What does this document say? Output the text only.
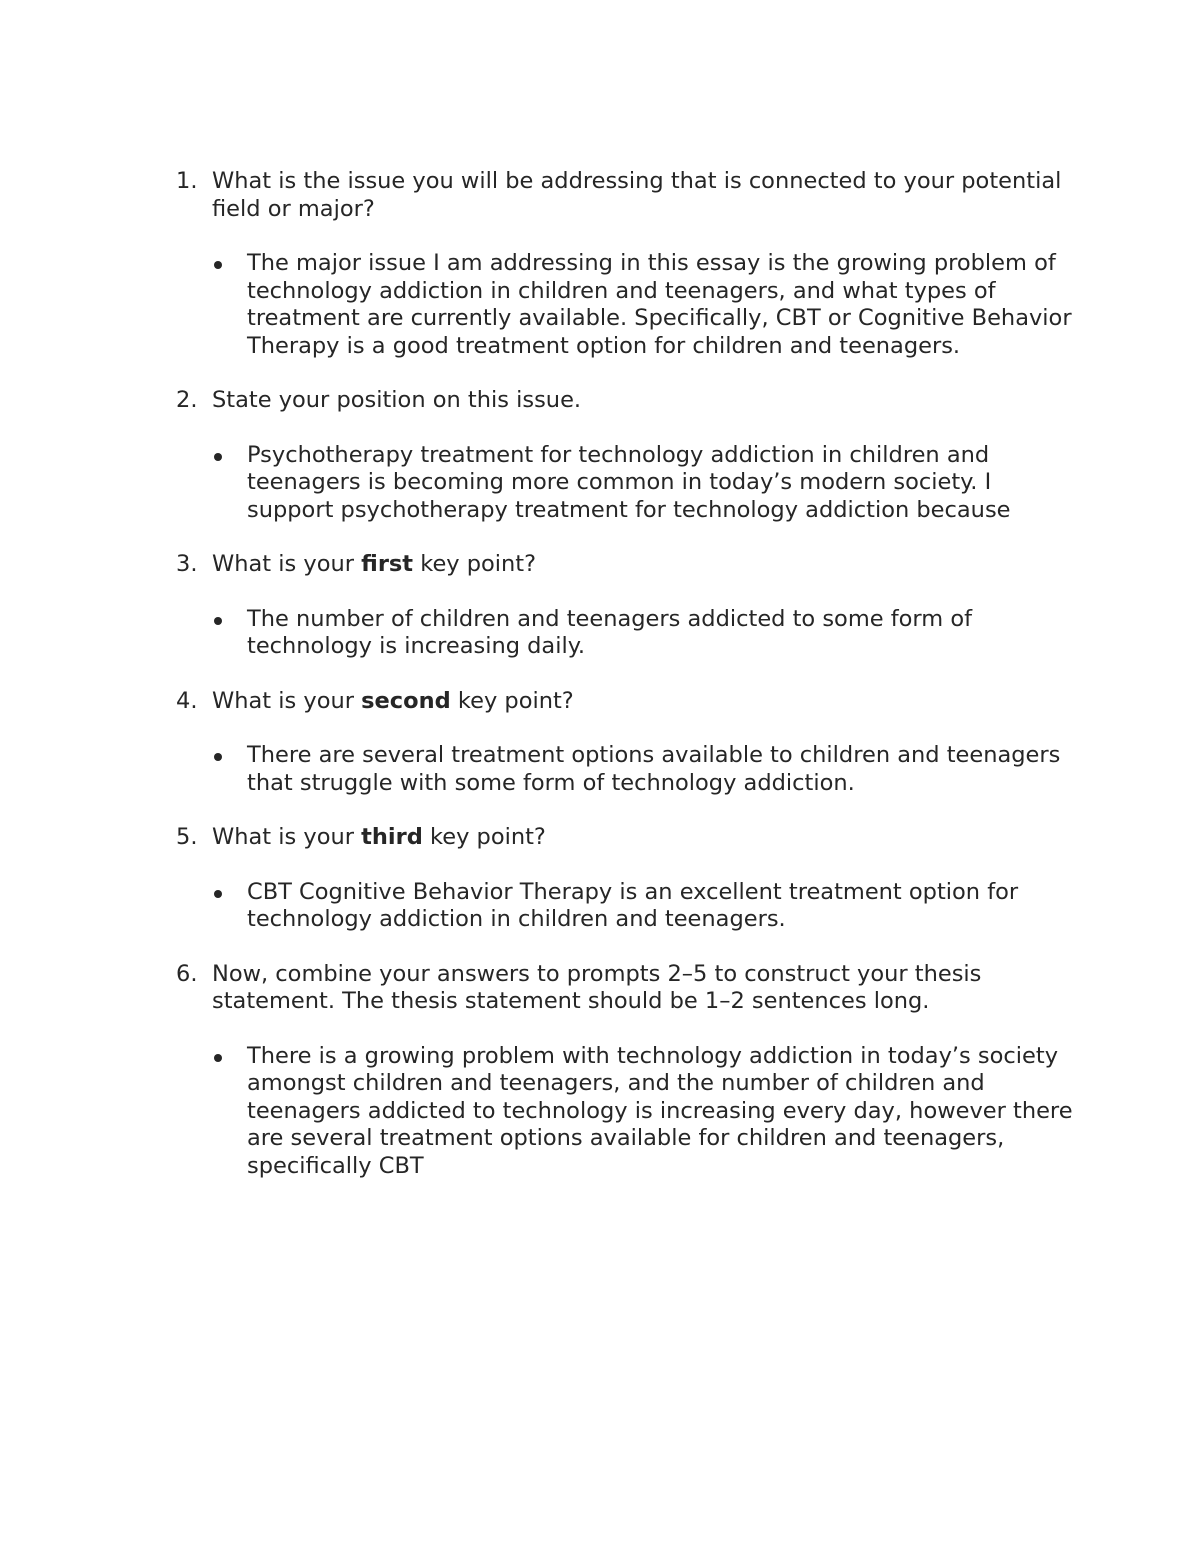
1. What is the issue you will be addressing that is connected to your potential field or major?
The major issue I am addressing in this essay is the growing problem of technology addiction in children and teenagers, and what types of treatment are currently available. Specifically, CBT or Cognitive Behavior Therapy is a good treatment option for children and teenagers.
2. State your position on this issue.
Psychotherapy treatment for technology addiction in children and teenagers is becoming more common in today’s modern society. I support psychotherapy treatment for technology addiction because
3. What is your first key point?
The number of children and teenagers addicted to some form of technology is increasing daily.
4. What is your second key point?
There are several treatment options available to children and teenagers that struggle with some form of technology addiction.
5. What is your third key point?
CBT Cognitive Behavior Therapy is an excellent treatment option for technology addiction in children and teenagers.
6. Now, combine your answers to prompts 2–5 to construct your thesis statement. The thesis statement should be 1–2 sentences long.
There is a growing problem with technology addiction in today’s society amongst children and teenagers, and the number of children and teenagers addicted to technology is increasing every day, however there are several treatment options available for children and teenagers, specifically CBT
